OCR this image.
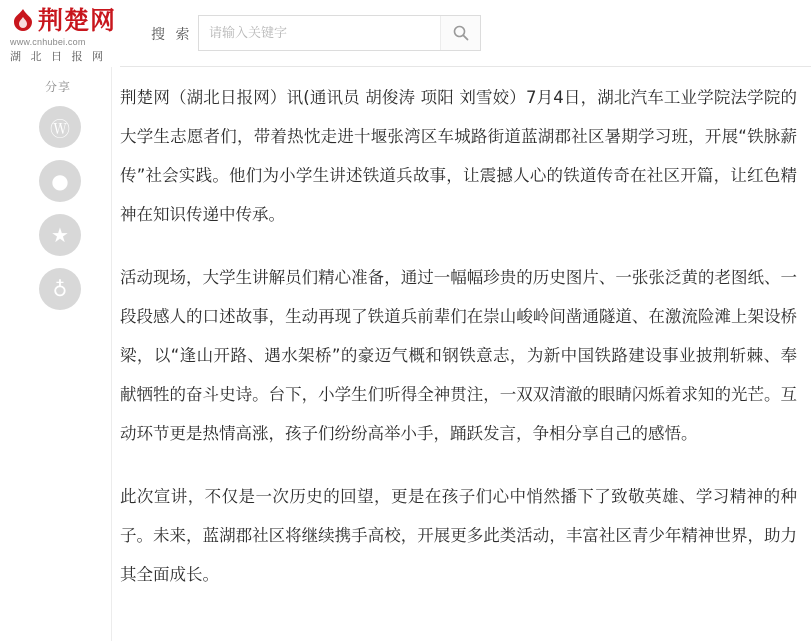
荆楚网
www.cnhubei.com
湖 北 日 报 网
搜 索
请输入关键字
分享
Ⓦ
●
★
♁

荆楚网（湖北日报网）讯(通讯员 胡俊涛 项阳 刘雪姣）7月4日，湖北汽车工业学院法学院的大学生志愿者们，带着热忱走进十堰张湾区车城路街道蓝湖郡社区暑期学习班，开展“铁脉薪传”社会实践。他们为小学生讲述铁道兵故事，让震撼人心的铁道传奇在社区开篇，让红色精神在知识传递中传承。

活动现场，大学生讲解员们精心准备，通过一幅幅珍贵的历史图片、一张张泛黄的老图纸、一段段感人的口述故事，生动再现了铁道兵前辈们在崇山峻岭间凿通隧道、在激流险滩上架设桥梁，以“逢山开路、遇水架桥”的豪迈气概和钢铁意志，为新中国铁路建设事业披荆斩棘、奉献牺牲的奋斗史诗。台下，小学生们听得全神贯注，一双双清澈的眼睛闪烁着求知的光芒。互动环节更是热情高涨，孩子们纷纷高举小手，踊跃发言，争相分享自己的感悟。

此次宣讲，不仅是一次历史的回望，更是在孩子们心中悄然播下了致敬英雄、学习精神的种子。未来，蓝湖郡社区将继续携手高校，开展更多此类活动，丰富社区青少年精神世界，助力其全面成长。
